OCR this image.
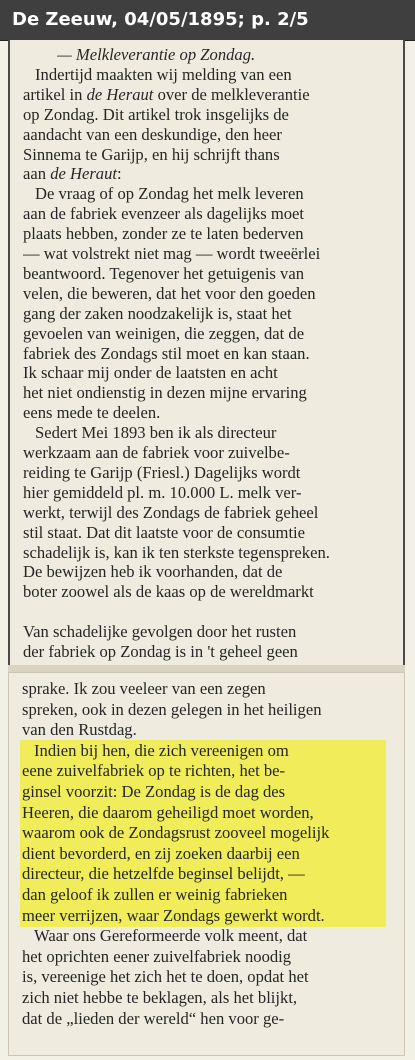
De Zeeuw, 04/05/1895; p. 2/5
— Melkleverantie op Zondag.
Indertijd maakten wij melding van een
artikel in de Heraut over de melkleverantie
op Zondag. Dit artikel trok insgelijks de
aandacht van een deskundige, den heer
Sinnema te Garijp, en hij schrijft thans
aan de Heraut:
De vraag of op Zondag het melk leveren
aan de fabriek evenzeer als dagelijks moet
plaats hebben, zonder ze te laten bederven
— wat volstrekt niet mag — wordt tweeërlei
beantwoord. Tegenover het getuigenis van
velen, die beweren, dat het voor den goeden
gang der zaken noodzakelijk is, staat het
gevoelen van weinigen, die zeggen, dat de
fabriek des Zondags stil moet en kan staan.
Ik schaar mij onder de laatsten en acht
het niet ondienstig in dezen mijne ervaring
eens mede te deelen.
Sedert Mei 1893 ben ik als directeur
werkzaam aan de fabriek voor zuivelbe-
reiding te Garijp (Friesl.) Dagelijks wordt
hier gemiddeld pl. m. 10.000 L. melk ver-
werkt, terwijl des Zondags de fabriek geheel
stil staat. Dat dit laatste voor de consumtie
schadelijk is, kan ik ten sterkste tegenspreken.
De bewijzen heb ik voorhanden, dat de
boter zoowel als de kaas op de wereldmarkt
Van schadelijke gevolgen door het rusten
der fabriek op Zondag is in 't geheel geen
sprake. Ik zou veeleer van een zegen
spreken, ook in dezen gelegen in het heiligen
van den Rustdag.
Indien bij hen, die zich vereenigen om
eene zuivelfabriek op te richten, het be-
ginsel voorzit: De Zondag is de dag des
Heeren, die daarom geheiligd moet worden,
waarom ook de Zondagsrust zooveel mogelijk
dient bevorderd, en zij zoeken daarbij een
directeur, die hetzelfde beginsel belijdt, —
dan geloof ik zullen er weinig fabrieken
meer verrijzen, waar Zondags gewerkt wordt.
Waar ons Gereformeerde volk meent, dat
het oprichten eener zuivelfabriek noodig
is, vereenige het zich het te doen, opdat het
zich niet hebbe te beklagen, als het blijkt,
dat de „lieden der wereld“ hen voor ge-
